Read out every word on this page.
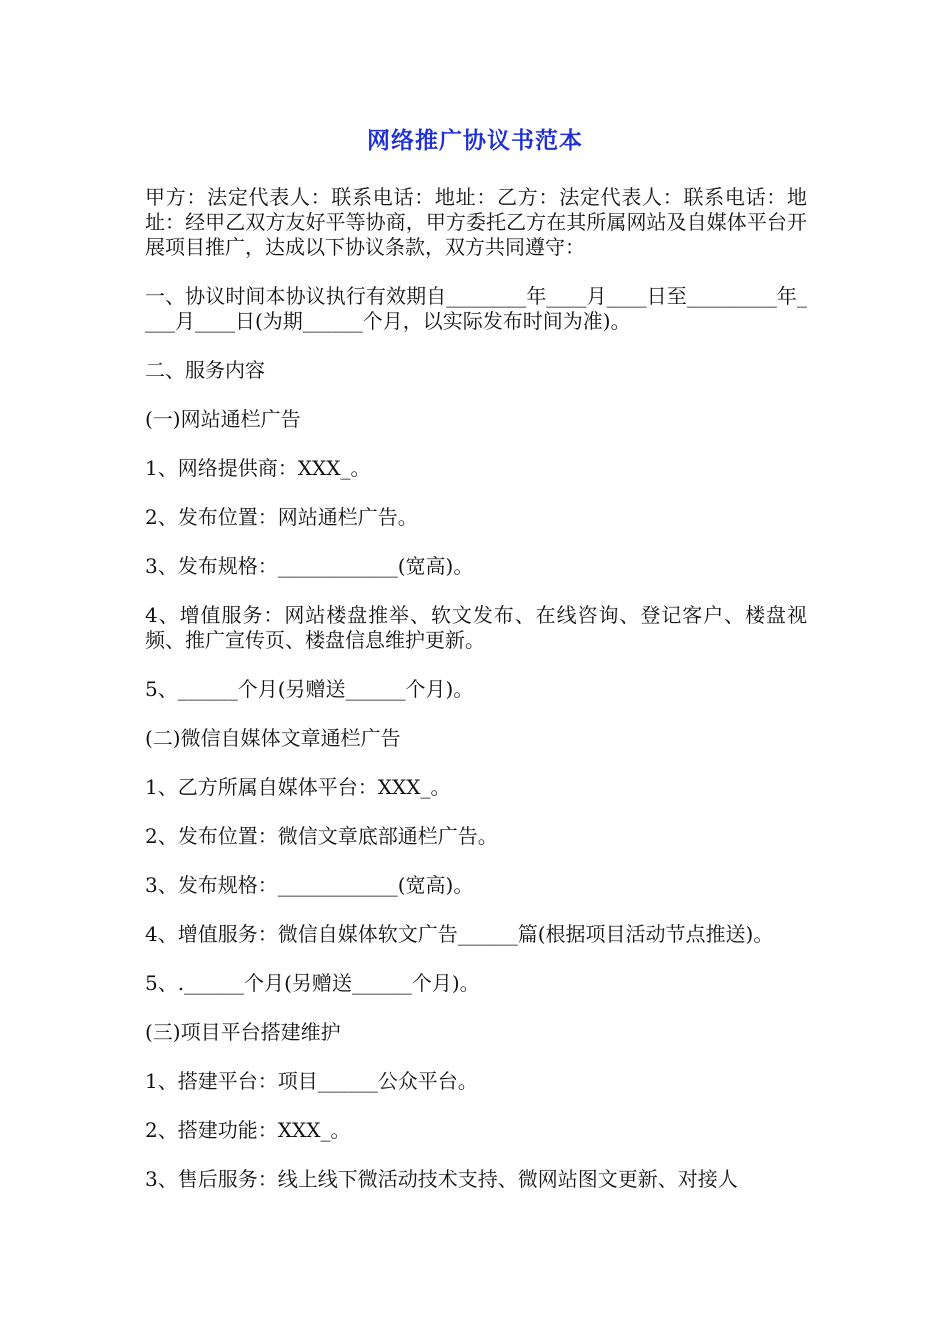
网络推广协议书范本

甲方：法定代表人：联系电话：地址：乙方：法定代表人：联系电话：地址：经甲乙双方友好平等协商，甲方委托乙方在其所属网站及自媒体平台开展项目推广，达成以下协议条款，双方共同遵守：

一、协议时间本协议执行有效期自________年____月____日至_________年____月____日(为期______个月，以实际发布时间为准)。

二、服务内容

(一)网站通栏广告

1、网络提供商：XXX_。

2、发布位置：网站通栏广告。

3、发布规格：____________(宽高)。

4、增值服务：网站楼盘推举、软文发布、在线咨询、登记客户、楼盘视频、推广宣传页、楼盘信息维护更新。

5、______个月(另赠送______个月)。

(二)微信自媒体文章通栏广告

1、乙方所属自媒体平台：XXX_。

2、发布位置：微信文章底部通栏广告。

3、发布规格：____________(宽高)。

4、增值服务：微信自媒体软文广告______篇(根据项目活动节点推送)。

5、.______个月(另赠送______个月)。

(三)项目平台搭建维护

1、搭建平台：项目______公众平台。

2、搭建功能：XXX_。

3、售后服务：线上线下微活动技术支持、微网站图文更新、对接人
